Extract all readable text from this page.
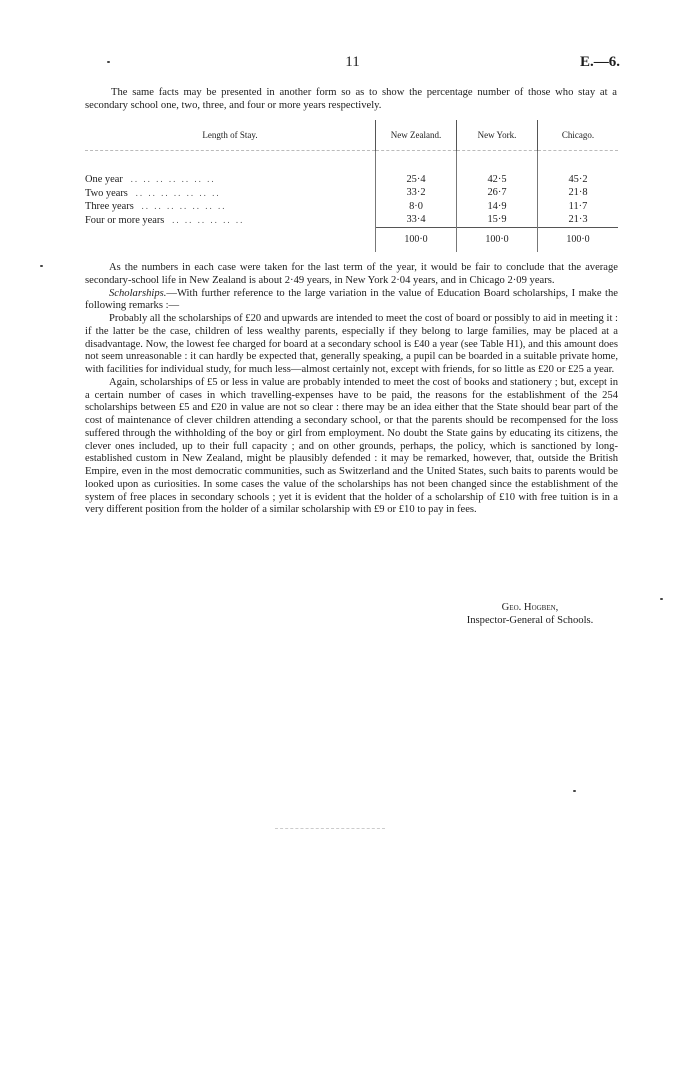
11	E.—6.

The same facts may be presented in another form so as to show the percentage number of those who stay at a secondary school one, two, three, and four or more years respectively.

Length of Stay.	New Zealand.	New York.	Chicago.

One year .. .. .. .. .. .. ..	25·4	42·5	45·2
Two years .. .. .. .. .. .. ..	33·2	26·7	21·8
Three years .. .. .. .. .. .. ..	8·0	14·9	11·7
Four or more years .. .. .. .. .. ..	33·4	15·9	21·3
	100·0	100·0	100·0

As the numbers in each case were taken for the last term of the year, it would be fair to conclude that the average secondary-school life in New Zealand is about 2·49 years, in New York 2·04 years, and in Chicago 2·09 years.

Scholarships.—With further reference to the large variation in the value of Education Board scholarships, I make the following remarks :—

Probably all the scholarships of £20 and upwards are intended to meet the cost of board or possibly to aid in meeting it : if the latter be the case, children of less wealthy parents, especially if they belong to large families, may be placed at a disadvantage. Now, the lowest fee charged for board at a secondary school is £40 a year (see Table H1), and this amount does not seem unreasonable : it can hardly be expected that, generally speaking, a pupil can be boarded in a suitable private home, with facilities for individual study, for much less—almost certainly not, except with friends, for so little as £20 or £25 a year.

Again, scholarships of £5 or less in value are probably intended to meet the cost of books and stationery ; but, except in a certain number of cases in which travelling-expenses have to be paid, the reasons for the establishment of the 254 scholarships between £5 and £20 in value are not so clear : there may be an idea either that the State should bear part of the cost of maintenance of clever children attending a secondary school, or that the parents should be recompensed for the loss suffered through the withholding of the boy or girl from employment. No doubt the State gains by educating its citizens, the clever ones included, up to their full capacity ; and on other grounds, perhaps, the policy, which is sanctioned by long-established custom in New Zealand, might be plausibly defended : it may be remarked, however, that, outside the British Empire, even in the most democratic communities, such as Switzerland and the United States, such baits to parents would be looked upon as curiosities. In some cases the value of the scholarships has not been changed since the establishment of the system of free places in secondary schools ; yet it is evident that the holder of a scholarship of £10 with free tuition is in a very different position from the holder of a similar scholarship with £9 or £10 to pay in fees.

Geo. Hogben,
Inspector-General of Schools.
